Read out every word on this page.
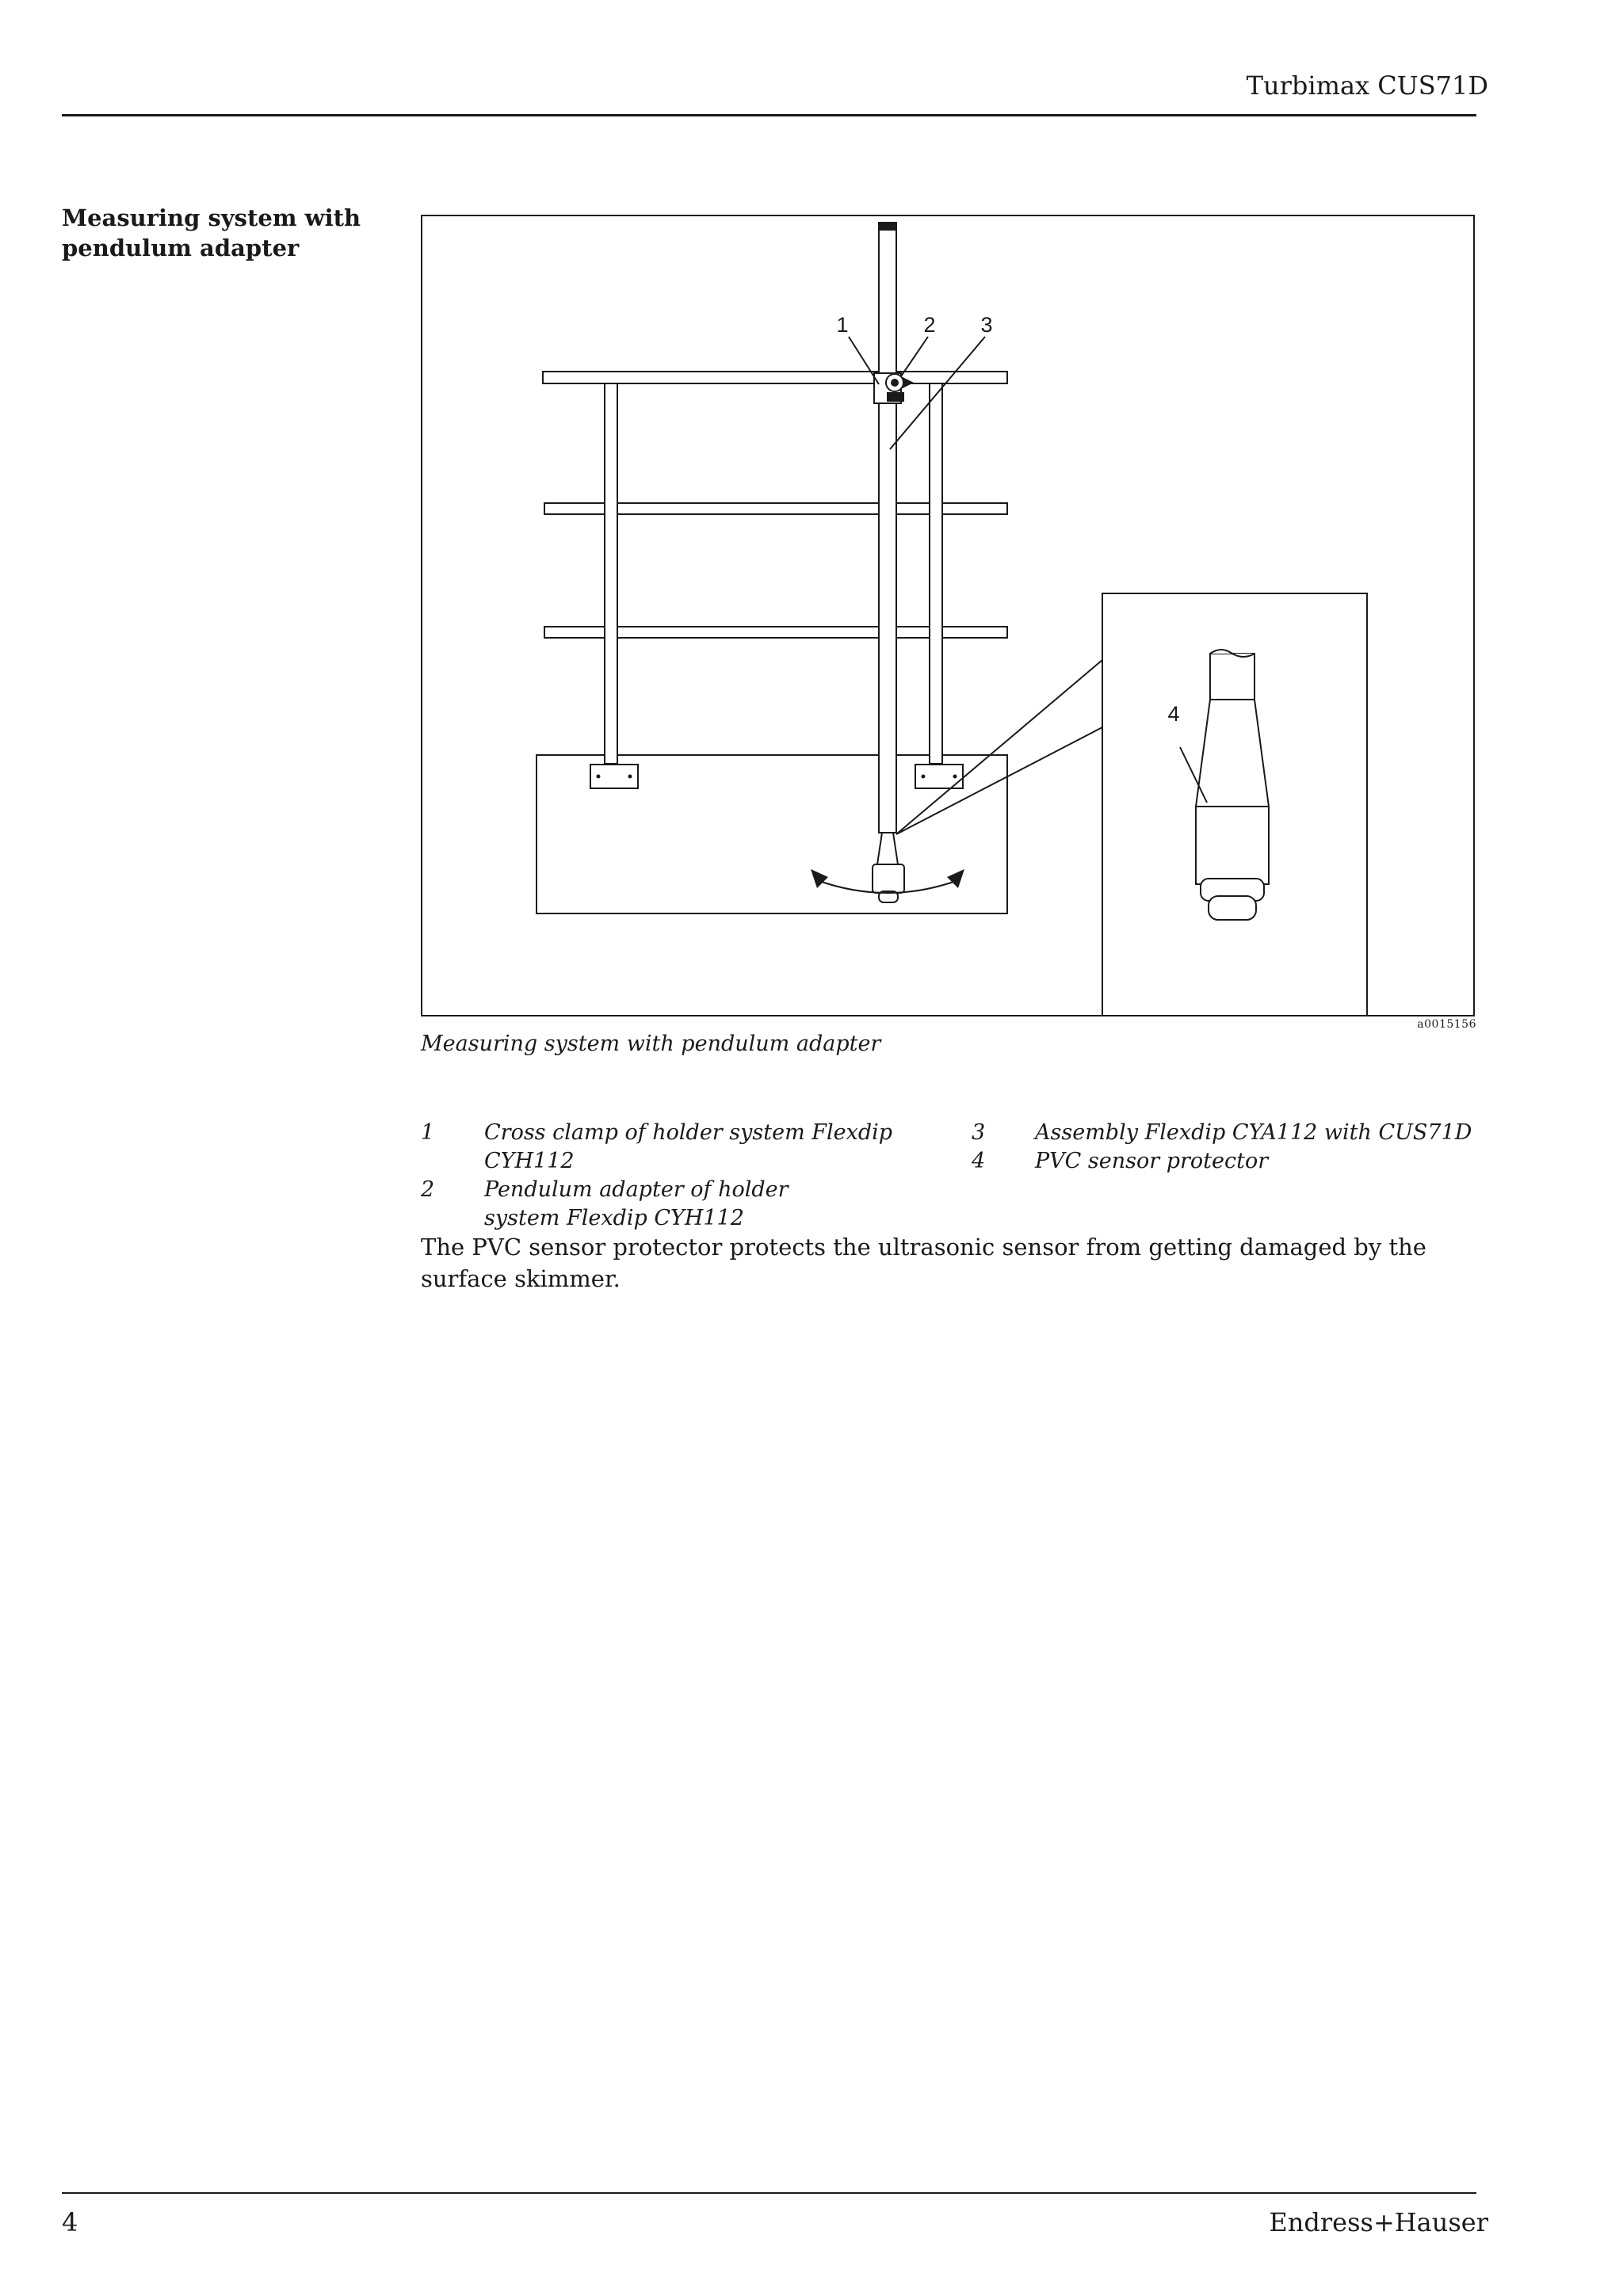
Turbimax CUS71D
Measuring system with pendulum adapter
1	2 3
4
a0015156
Measuring system with pendulum adapter
1 Cross clamp of holder system Flexdip CYH112
2 Pendulum adapter of holder system Flexdip CYH112
3 Assembly Flexdip CYA112 with CUS71D
4 PVC sensor protector
The PVC sensor protector protects the ultrasonic sensor from getting damaged by the surface skimmer.
4	Endress+Hauser
